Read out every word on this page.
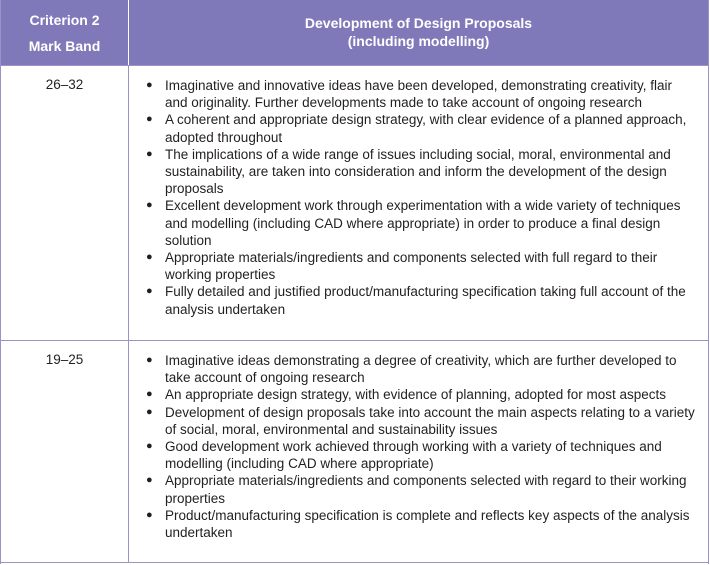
Criterion 2
Mark Band
Development of Design Proposals
(including modelling)
26–32	● Imaginative and innovative ideas have been developed, demonstrating creativity, flair and originality. Further developments made to take account of ongoing research
● A coherent and appropriate design strategy, with clear evidence of a planned approach, adopted throughout
● The implications of a wide range of issues including social, moral, environmental and sustainability, are taken into consideration and inform the development of the design proposals
● Excellent development work through experimentation with a wide variety of techniques and modelling (including CAD where appropriate) in order to produce a final design solution
● Appropriate materials/ingredients and components selected with full regard to their working properties
● Fully detailed and justified product/manufacturing specification taking full account of the analysis undertaken
19–25	● Imaginative ideas demonstrating a degree of creativity, which are further developed to take account of ongoing research
● An appropriate design strategy, with evidence of planning, adopted for most aspects
● Development of design proposals take into account the main aspects relating to a variety of social, moral, environmental and sustainability issues
● Good development work achieved through working with a variety of techniques and modelling (including CAD where appropriate)
● Appropriate materials/ingredients and components selected with regard to their working properties
● Product/manufacturing specification is complete and reflects key aspects of the analysis undertaken
